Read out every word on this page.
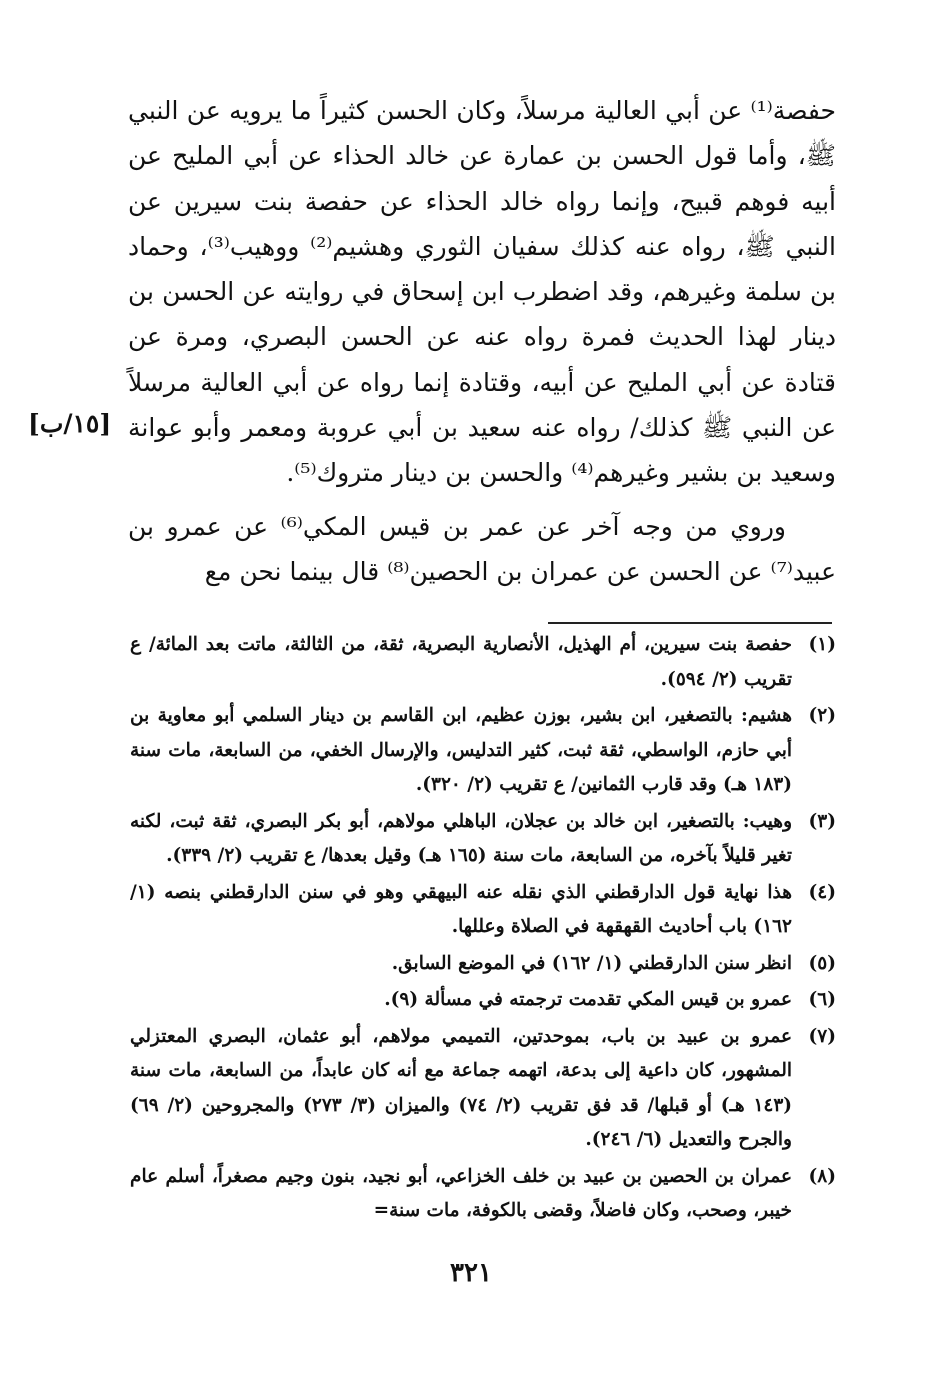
حفصة⁽¹⁾ عن أبي العالية مرسلاً، وكان الحسن كثيراً ما يرويه عن النبي ﷺ، وأما قول الحسن بن عمارة عن خالد الحذاء عن أبي المليح عن أبيه فوهم قبيح، وإنما رواه خالد الحذاء عن حفصة بنت سيرين عن النبي ﷺ، رواه عنه كذلك سفيان الثوري وهشيم⁽²⁾ ووهيب⁽³⁾، وحماد بن سلمة وغيرهم، وقد اضطرب ابن إسحاق في روايته عن الحسن بن دينار لهذا الحديث فمرة رواه عنه عن الحسن البصري، ومرة عن قتادة عن أبي المليح عن أبيه، وقتادة إنما رواه عن أبي العالية مرسلاً عن النبي ﷺ كذلك/ رواه عنه سعيد بن أبي عروبة ومعمر وأبو عوانة وسعيد بن بشير وغيرهم⁽⁴⁾ والحسن بن دينار متروك⁽⁵⁾.

وروي من وجه آخر عن عمر بن قيس المكي⁽⁶⁾ عن عمرو بن عبيد⁽⁷⁾ عن الحسن عن عمران بن الحصين⁽⁸⁾ قال بينما نحن مع

[١٥/ب]
(١)
حفصة بنت سيرين، أم الهذيل، الأنصارية البصرية، ثقة، من الثالثة، ماتت بعد المائة/ ع تقريب (٢/ ٥٩٤).
(٢)
هشيم: بالتصغير، ابن بشير، بوزن عظيم، ابن القاسم بن دينار السلمي أبو معاوية بن أبي حازم، الواسطي، ثقة ثبت، كثير التدليس، والإرسال الخفي، من السابعة، مات سنة (١٨٣ هـ) وقد قارب الثمانين/ ع تقريب (٢/ ٣٢٠).
(٣)
وهيب: بالتصغير، ابن خالد بن عجلان، الباهلي مولاهم، أبو بكر البصري، ثقة ثبت، لكنه تغير قليلاً بآخره، من السابعة، مات سنة (١٦٥ هـ) وقيل بعدها/ ع تقريب (٢/ ٣٣٩).
(٤)
هذا نهاية قول الدارقطني الذي نقله عنه البيهقي وهو في سنن الدارقطني بنصه (١/ ١٦٢) باب أحاديث القهقهة في الصلاة وعللها.
(٥)
انظر سنن الدارقطني (١/ ١٦٢) في الموضع السابق.
(٦)
عمرو بن قيس المكي تقدمت ترجمته في مسألة (٩).
(٧)
عمرو بن عبيد بن باب، بموحدتين، التميمي مولاهم، أبو عثمان، البصري المعتزلي المشهور، كان داعية إلى بدعة، اتهمه جماعة مع أنه كان عابداً، من السابعة، مات سنة (١٤٣ هـ) أو قبلها/ قد فق تقريب (٢/ ٧٤) والميزان (٣/ ٢٧٣) والمجروحين (٢/ ٦٩) والجرح والتعديل (٦/ ٢٤٦).
(٨)
عمران بن الحصين بن عبيد بن خلف الخزاعي، أبو نجيد، بنون وجيم مصغراً، أسلم عام خيبر، وصحب، وكان فاضلاً، وقضى بالكوفة، مات سنة=
٣٢١
